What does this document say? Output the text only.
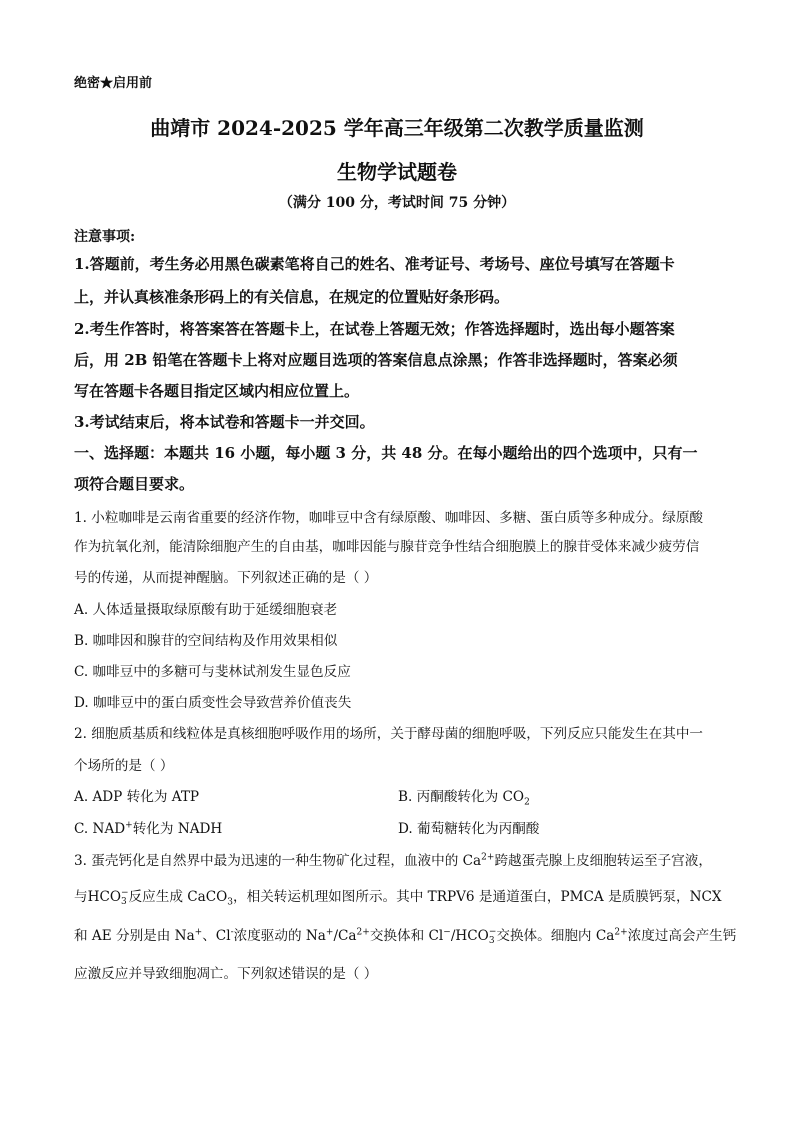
绝密★启用前
曲靖市 2024-2025 学年高三年级第二次教学质量监测
生物学试题卷
（满分 100 分，考试时间 75 分钟）
注意事项:
1.答题前，考生务必用黑色碳素笔将自己的姓名、准考证号、考场号、座位号填写在答题卡
上，并认真核准条形码上的有关信息，在规定的位置贴好条形码。
2.考生作答时，将答案答在答题卡上，在试卷上答题无效；作答选择题时，选出每小题答案
后，用 2B 铅笔在答题卡上将对应题目选项的答案信息点涂黑；作答非选择题时，答案必须
写在答题卡各题目指定区域内相应位置上。
3.考试结束后，将本试卷和答题卡一并交回。
一、选择题：本题共 16 小题，每小题 3 分，共 48 分。在每小题给出的四个选项中，只有一
项符合题目要求。
1. 小粒咖啡是云南省重要的经济作物，咖啡豆中含有绿原酸、咖啡因、多糖、蛋白质等多种成分。绿原酸
作为抗氧化剂，能清除细胞产生的自由基，咖啡因能与腺苷竞争性结合细胞膜上的腺苷受体来减少疲劳信
号的传递，从而提神醒脑。下列叙述正确的是（ ）
A. 人体适量摄取绿原酸有助于延缓细胞衰老
B. 咖啡因和腺苷的空间结构及作用效果相似
C. 咖啡豆中的多糖可与斐林试剂发生显色反应
D. 咖啡豆中的蛋白质变性会导致营养价值丧失
2. 细胞质基质和线粒体是真核细胞呼吸作用的场所，关于酵母菌的细胞呼吸，下列反应只能发生在其中一
个场所的是（ ）
A. ADP 转化为 ATP	B. 丙酮酸转化为 $CO_2$
C. NAD+转化为 NADH	D. 葡萄糖转化为丙酮酸
3. 蛋壳钙化是自然界中最为迅速的一种生物矿化过程，血液中的 $Ca^{2+}$跨越蛋壳腺上皮细胞转运至子宫液，
与HCO −
3 反应生成 CaCO$_3$，相关转运机理如图所示。其中 TRPV6 是通道蛋白，PMCA 是质膜钙泵，NCX
和 AE 分别是由 Na+、Cl-浓度驱动的 $Na^+/Ca^{2+}$交换体和 Cl−/HCO −
3 交换体。细胞内 $Ca^{2+}$浓度过高会产生钙
应激反应并导致细胞凋亡。下列叙述错误的是（ ）
